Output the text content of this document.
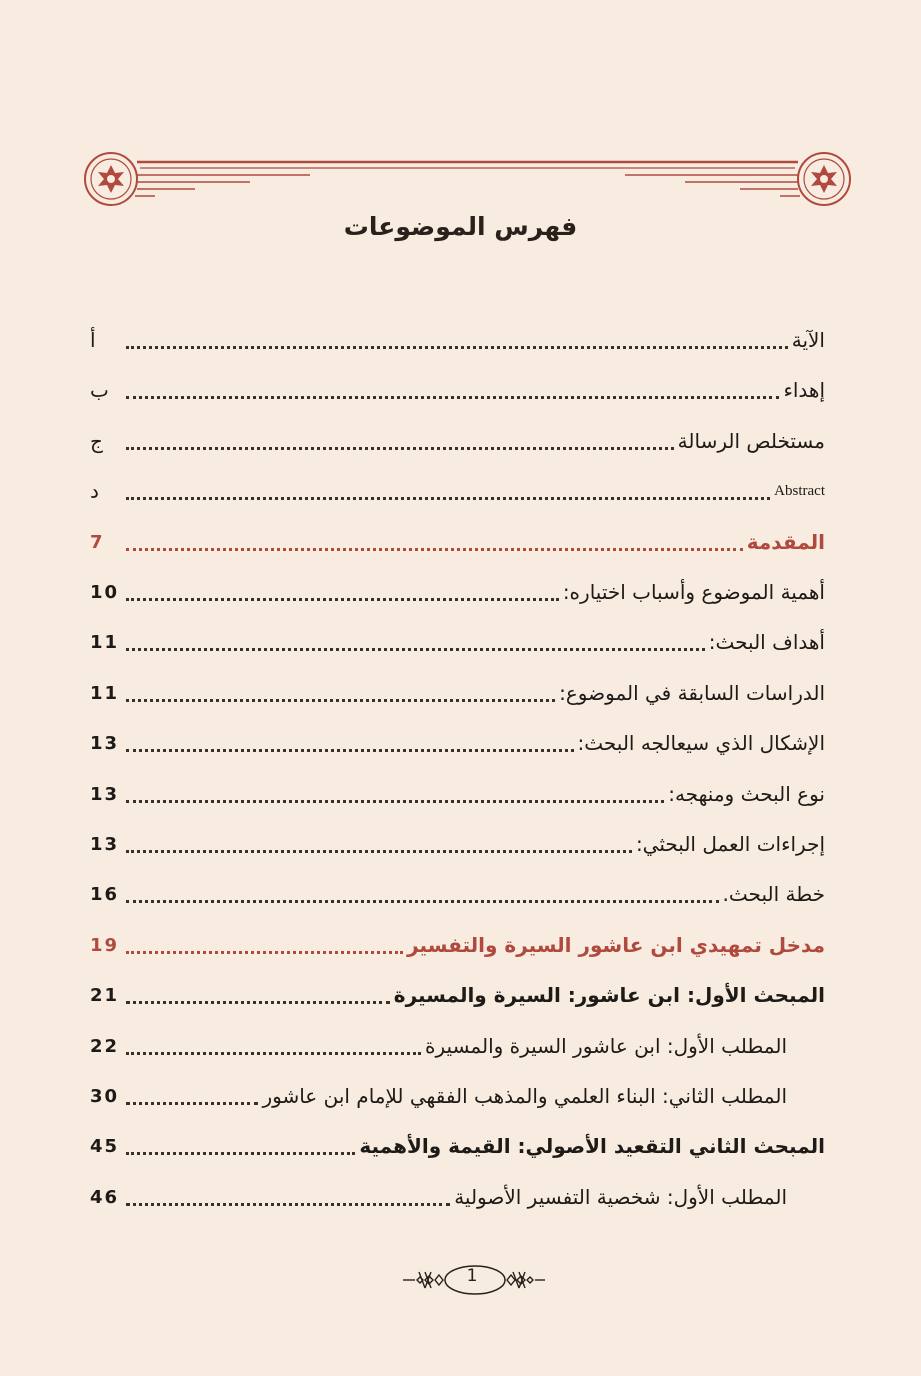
فهرس الموضوعات
الآية
أ
إهداء
ب
مستخلص الرسالة
ج
Abstract
د
المقدمة
7
أهمية الموضوع وأسباب اختياره:
10
أهداف البحث:
11
الدراسات السابقة في الموضوع:
11
الإشكال الذي سيعالجه البحث:
13
نوع البحث ومنهجه:
13
إجراءات العمل البحثي:
13
خطة البحث.
16
مدخل تمهيدي ابن عاشور السيرة والتفسير
19
المبحث الأول: ابن عاشور: السيرة والمسيرة
21
المطلب الأول: ابن عاشور السيرة والمسيرة
22
المطلب الثاني: البناء العلمي والمذهب الفقهي للإمام ابن عاشور
30
المبحث الثاني التقعيد الأصولي: القيمة والأهمية
45
المطلب الأول: شخصية التفسير الأصولية
46
1
